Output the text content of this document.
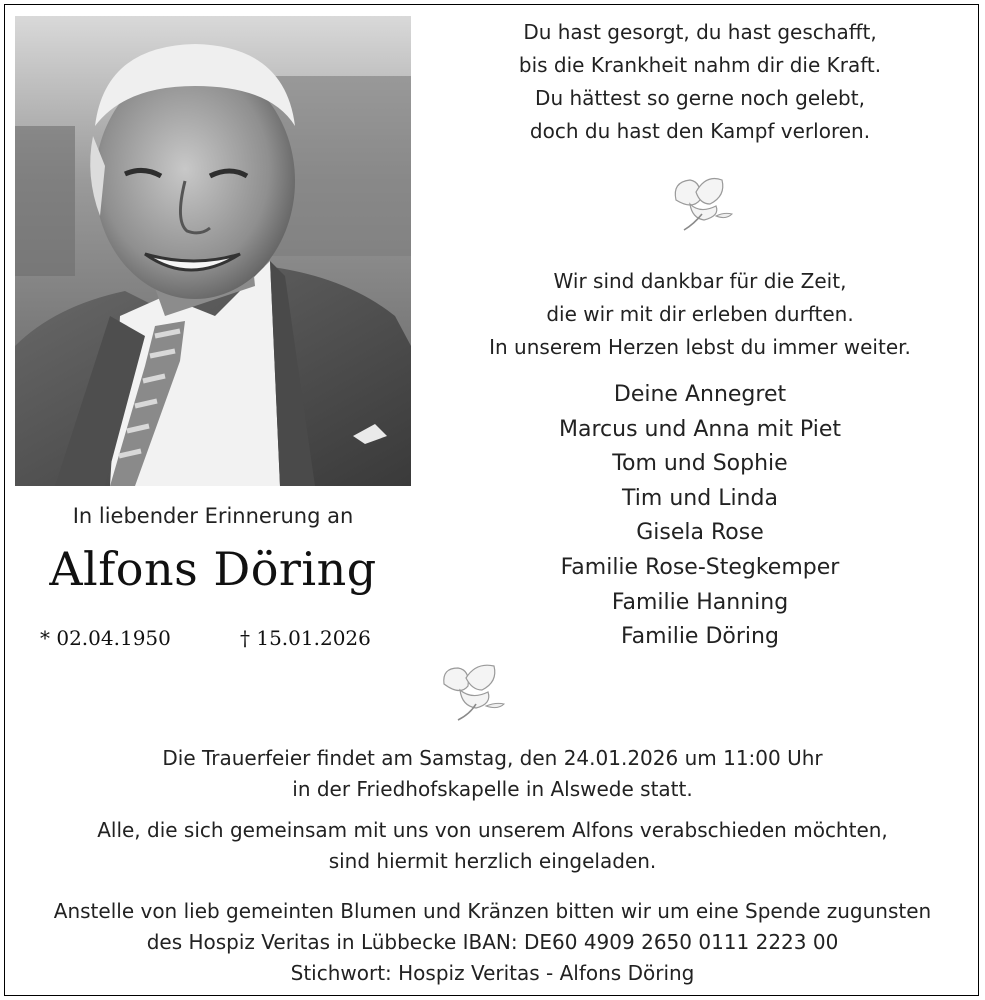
In liebender Erinnerung an
Alfons Döring
* 02.04.1950	† 15.01.2026
Du hast gesorgt, du hast geschafft,
bis die Krankheit nahm dir die Kraft.
Du hättest so gerne noch gelebt,
doch du hast den Kampf verloren.
Wir sind dankbar für die Zeit,
die wir mit dir erleben durften.
In unserem Herzen lebst du immer weiter.
Deine Annegret
Marcus und Anna mit Piet
Tom und Sophie
Tim und Linda
Gisela Rose
Familie Rose-Stegkemper
Familie Hanning
Familie Döring
Die Trauerfeier findet am Samstag, den 24.01.2026 um 11:00 Uhr
in der Friedhofskapelle in Alswede statt.
Alle, die sich gemeinsam mit uns von unserem Alfons verabschieden möchten,
sind hiermit herzlich eingeladen.
Anstelle von lieb gemeinten Blumen und Kränzen bitten wir um eine Spende zugunsten
des Hospiz Veritas in Lübbecke IBAN: DE60 4909 2650 0111 2223 00
Stichwort: Hospiz Veritas - Alfons Döring
